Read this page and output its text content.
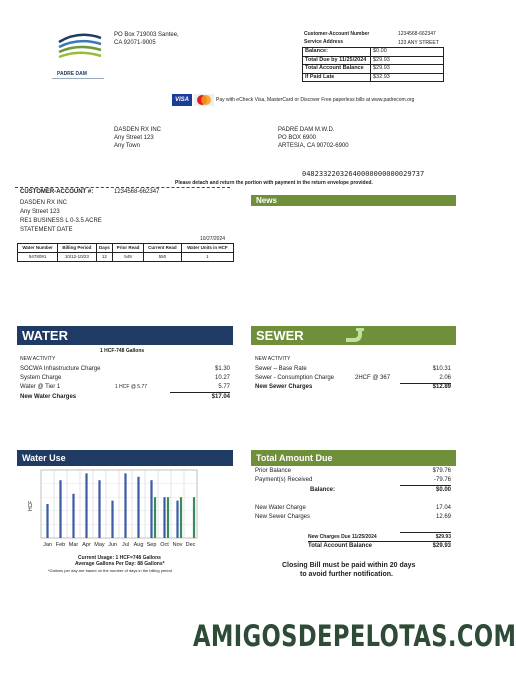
PADRE DAM
PO Box 719003 Santee,
CA 92071-9005
Customer-Account Number	1234568-662347
Service Address	123 ANY STREET
Balance:	$0.00
Total Due by 11/25/2024	$29.93
Total Account Balance	$29.93
If Paid Late	$32.93
VISA	Pay with eCheck Visa, MasterCard or Discover Free paperless bills at www.padrecom.org
DASDEN RX INC
Any Street 123
Any Town
PADRE DAM M.W.D.
PO BOX 6900
ARTESIA, CA 90702-6900
04823322032640000000000029737
Please detach and return the portion with payment in the return envelope provided.
CUSTOMER-ACCOUNT #:	1234568-662347
DASDEN RX INC
Any Street 123
RE1 BUSINESS L 0-3.5 ACRE
STATEMENT DATE
10/27/2024
News
Water Number	Billing Period	Days	Prior Read	Current Read	Water Units in HCF
9478091	10/12-10/23	12	549	550	1
WATER
1 HCF-748 Gallons
NEW ACTIVITY
SOCWA Infrastructure Charge	$1.30
System Charge	10.27
Water @ Tier 1	1 HCF @ 5.77	5.77
New Water Charges	$17.04
SEWER
NEW ACTIVITY
Sewer – Base Rate	$10.31
Sewer - Consumption Charge	2HCF @ 367	2.06
New Sewer Charges	$12.89
Water Use
Jan Feb Mar Apr May Jun Jul Aug Sep Oct Nov Dec
HCF
Current Usage: 1 HCF=748 Gallons
Average Gallons Per Day: 88 Gallons*
*Gallons per day are based on the number of days in the billing period
Total Amount Due
Prior Balance	$79.76
Payment(s) Received	-79.76
Balance:	$0.00
New Water Charge	17.04
New Sewer Charges	12.69
New Charges Due 11/25/2024	$29.93
Total Account Balance	$29.93
Closing Bill must be paid within 20 days
to avoid further notification.
AMIGOSDEPELOTAS.COM
